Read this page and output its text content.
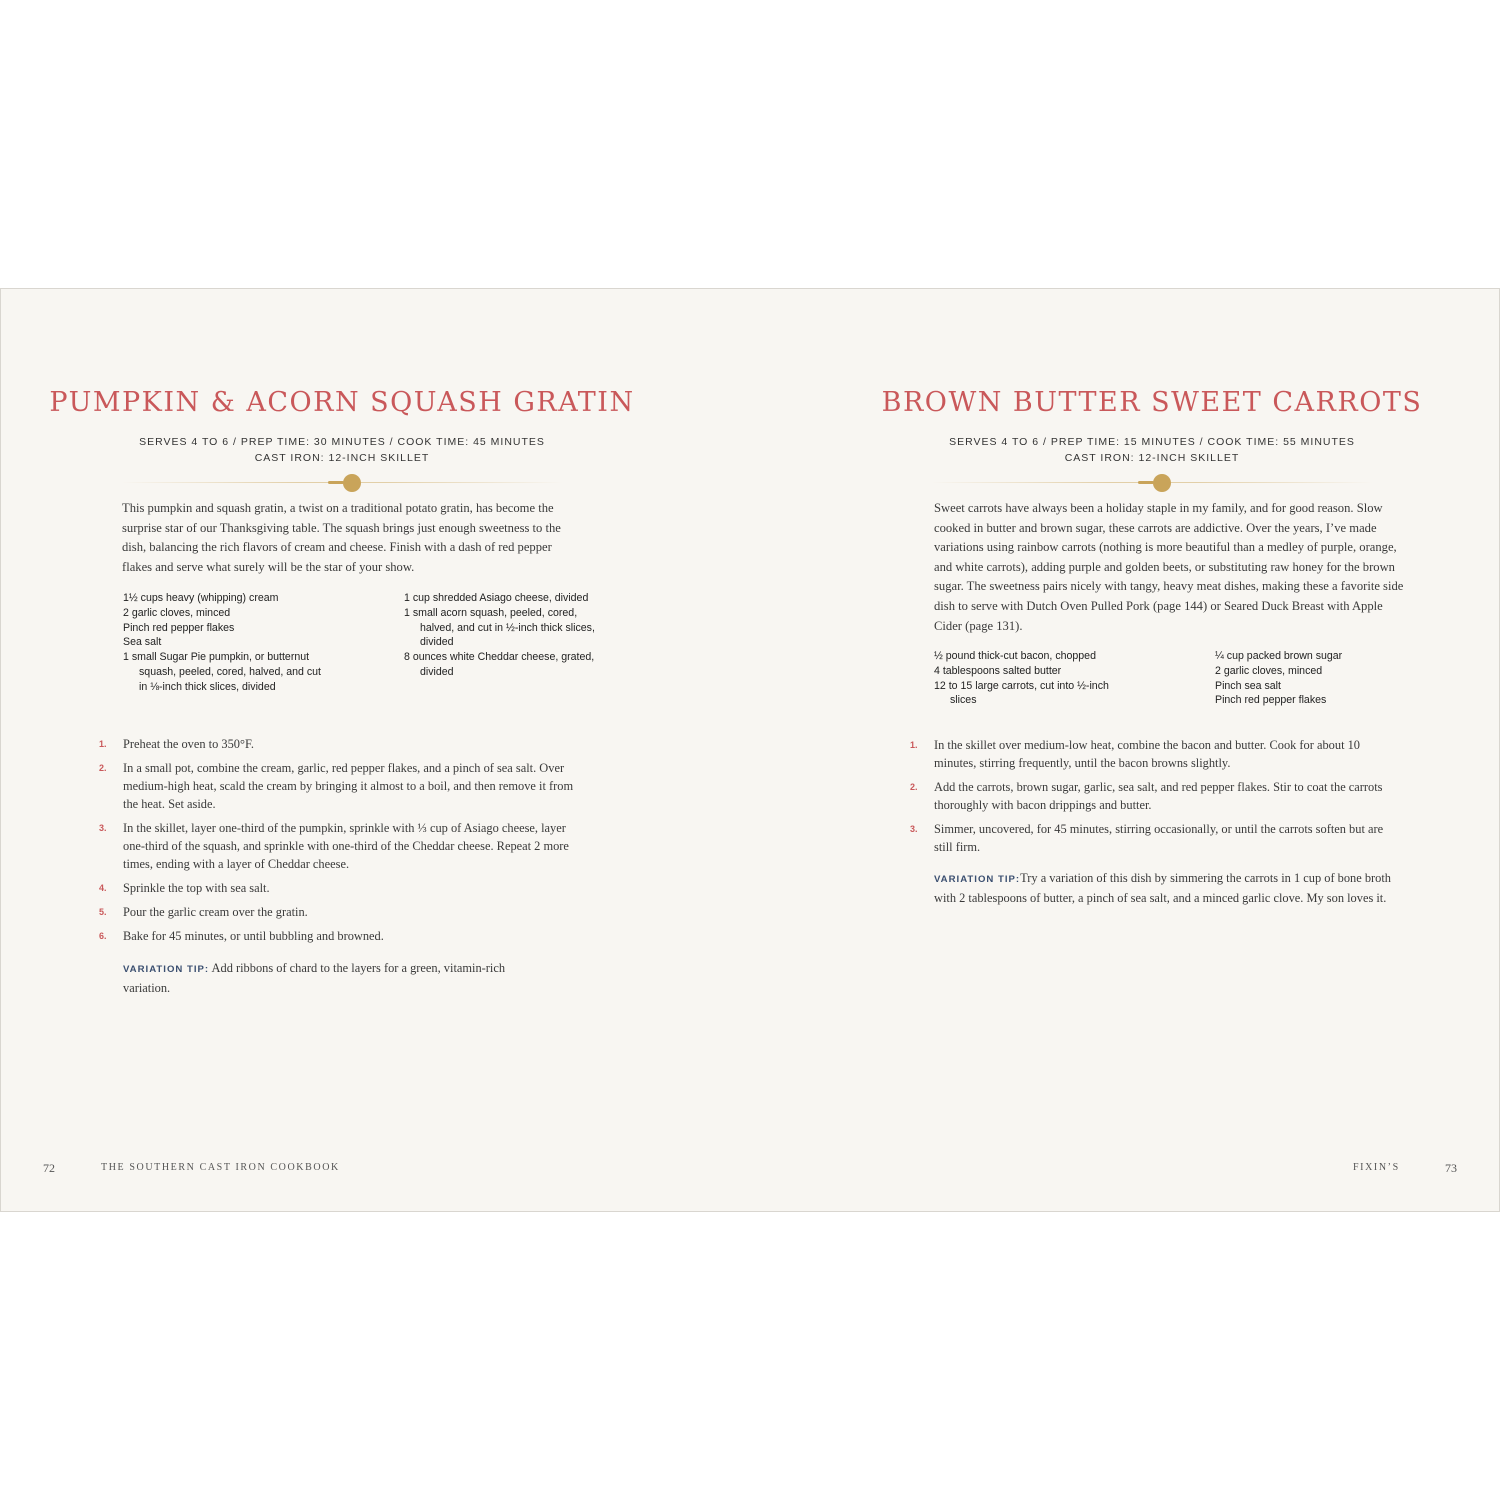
PUMPKIN & ACORN SQUASH GRATIN
SERVES 4 TO 6 / PREP TIME: 30 MINUTES / COOK TIME: 45 MINUTES
CAST IRON: 12-INCH SKILLET

This pumpkin and squash gratin, a twist on a traditional potato gratin, has become the surprise star of our Thanksgiving table. The squash brings just enough sweetness to the dish, balancing the rich flavors of cream and cheese. Finish with a dash of red pepper flakes and serve what surely will be the star of your show.

1½ cups heavy (whipping) cream
2 garlic cloves, minced
Pinch red pepper flakes
Sea salt
1 small Sugar Pie pumpkin, or butternut squash, peeled, cored, halved, and cut in ⅛-inch thick slices, divided
1 cup shredded Asiago cheese, divided
1 small acorn squash, peeled, cored, halved, and cut in ½-inch thick slices, divided
8 ounces white Cheddar cheese, grated, divided
1. Preheat the oven to 350°F.
2. In a small pot, combine the cream, garlic, red pepper flakes, and a pinch of sea salt. Over medium-high heat, scald the cream by bringing it almost to a boil, and then remove it from the heat. Set aside.
3. In the skillet, layer one-third of the pumpkin, sprinkle with ⅓ cup of Asiago cheese, layer one-third of the squash, and sprinkle with one-third of the Cheddar cheese. Repeat 2 more times, ending with a layer of Cheddar cheese.
4. Sprinkle the top with sea salt.
5. Pour the garlic cream over the gratin.
6. Bake for 45 minutes, or until bubbling and browned.

VARIATION TIP: Add ribbons of chard to the layers for a green, vitamin-rich variation.

72	THE SOUTHERN CAST IRON COOKBOOK
BROWN BUTTER SWEET CARROTS
SERVES 4 TO 6 / PREP TIME: 15 MINUTES / COOK TIME: 55 MINUTES
CAST IRON: 12-INCH SKILLET

Sweet carrots have always been a holiday staple in my family, and for good reason. Slow cooked in butter and brown sugar, these carrots are addictive. Over the years, I’ve made variations using rainbow carrots (nothing is more beautiful than a medley of purple, orange, and white carrots), adding purple and golden beets, or substituting raw honey for the brown sugar. The sweetness pairs nicely with tangy, heavy meat dishes, making these a favorite side dish to serve with Dutch Oven Pulled Pork (page 144) or Seared Duck Breast with Apple Cider (page 131).

½ pound thick-cut bacon, chopped
4 tablespoons salted butter
12 to 15 large carrots, cut into ½-inch slices
¼ cup packed brown sugar
2 garlic cloves, minced
Pinch sea salt
Pinch red pepper flakes
1. In the skillet over medium-low heat, combine the bacon and butter. Cook for about 10 minutes, stirring frequently, until the bacon browns slightly.
2. Add the carrots, brown sugar, garlic, sea salt, and red pepper flakes. Stir to coat the carrots thoroughly with bacon drippings and butter.
3. Simmer, uncovered, for 45 minutes, stirring occasionally, or until the carrots soften but are still firm.

VARIATION TIP:Try a variation of this dish by simmering the carrots in 1 cup of bone broth with 2 tablespoons of butter, a pinch of sea salt, and a minced garlic clove. My son loves it.

FIXIN’S	73
